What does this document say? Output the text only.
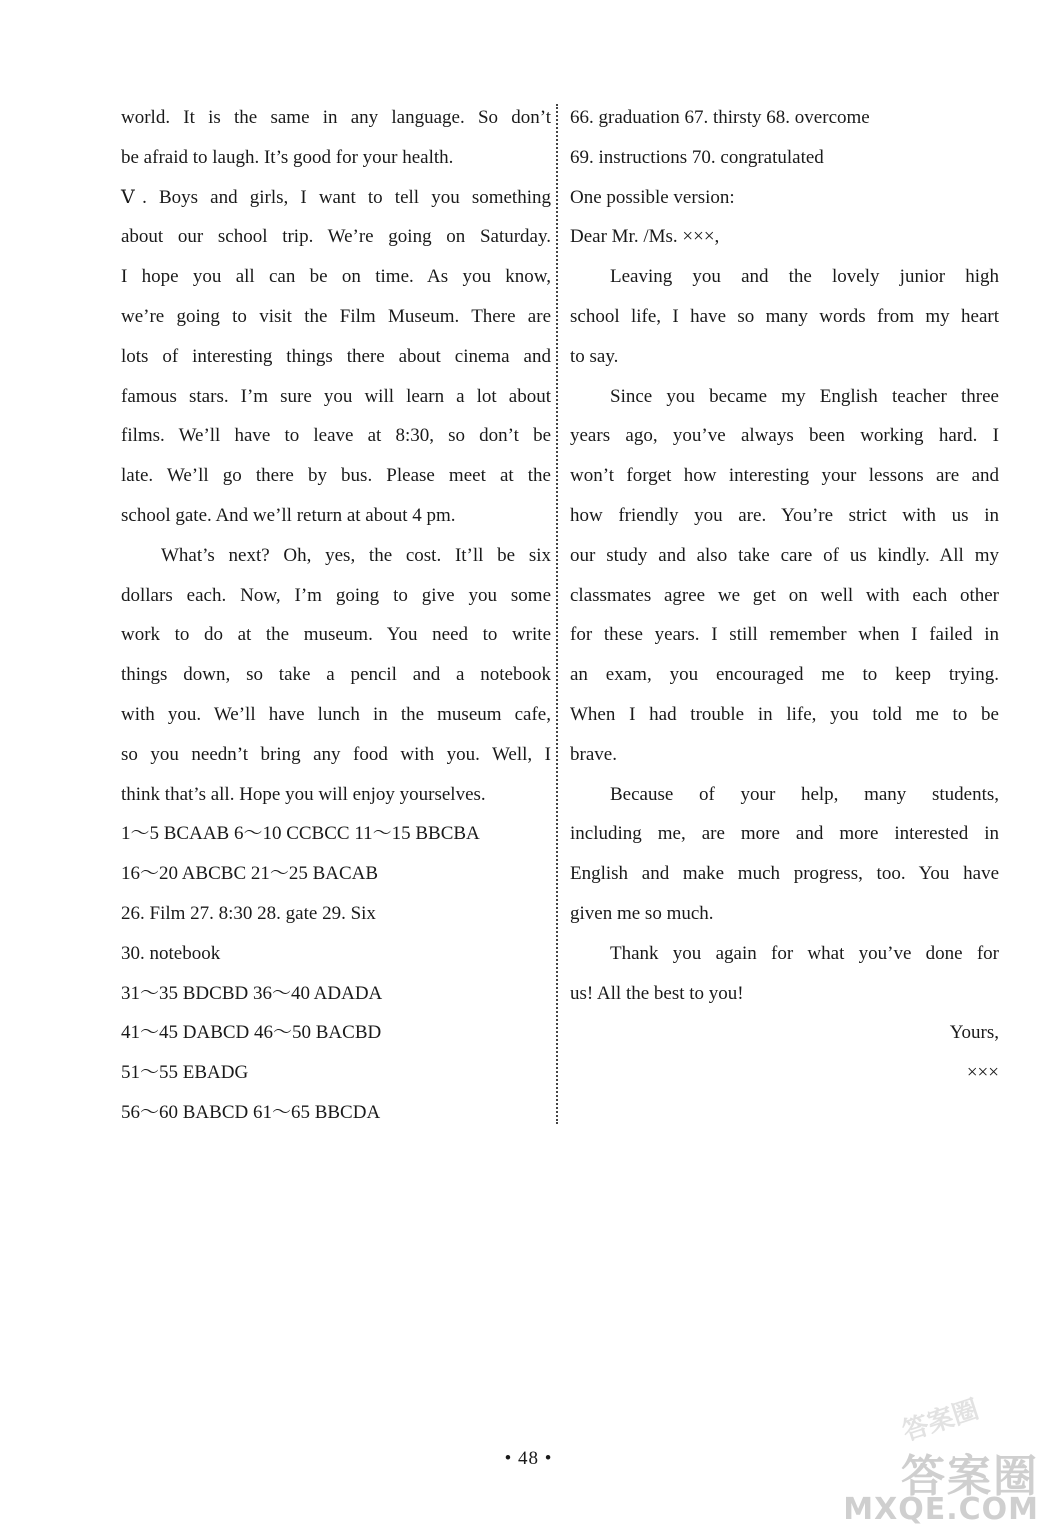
world. It is the same in any language. So don’t

be afraid to laugh. It’s good for your health.

Ⅴ. Boys and girls, I want to tell you something

about our school trip. We’re going on Saturday.

I hope you all can be on time. As you know,

we’re going to visit the Film Museum. There are

lots of interesting things there about cinema and

famous stars. I’m sure you will learn a lot about

films. We’ll have to leave at 8:30, so don’t be

late. We’ll go there by bus. Please meet at the

school gate. And we’ll return at about 4 pm.

What’s next? Oh, yes, the cost. It’ll be six

dollars each. Now, I’m going to give you some

work to do at the museum. You need to write

things down, so take a pencil and a notebook

with you. We’ll have lunch in the museum cafe,

so you needn’t bring any food with you. Well, I

think that’s all. Hope you will enjoy yourselves.

1～5 BCAAB 6～10 CCBCC 11～15 BBCBA

16～20 ABCBC 21～25 BACAB

26. Film 27. 8:30 28. gate 29. Six

30. notebook

31～35 BDCBD 36～40 ADADA

41～45 DABCD 46～50 BACBD

51～55 EBADG

56～60 BABCD 61～65 BBCDA

66. graduation 67. thirsty 68. overcome

69. instructions 70. congratulated

One possible version:

Dear Mr. /Ms. ×××,

Leaving you and the lovely junior high

school life, I have so many words from my heart

to say.

Since you became my English teacher three

years ago, you’ve always been working hard. I

won’t forget how interesting your lessons are and

how friendly you are. You’re strict with us in

our study and also take care of us kindly. All my

classmates agree we get on well with each other

for these years. I still remember when I failed in

an exam, you encouraged me to keep trying.

When I had trouble in life, you told me to be

brave.

Because of your help, many students,

including me, are more and more interested in

English and make much progress, too. You have

given me so much.

Thank you again for what you’ve done for

us! All the best to you!

Yours,

×××

• 48 •
答案圈
答案圈
MXQE.COM
